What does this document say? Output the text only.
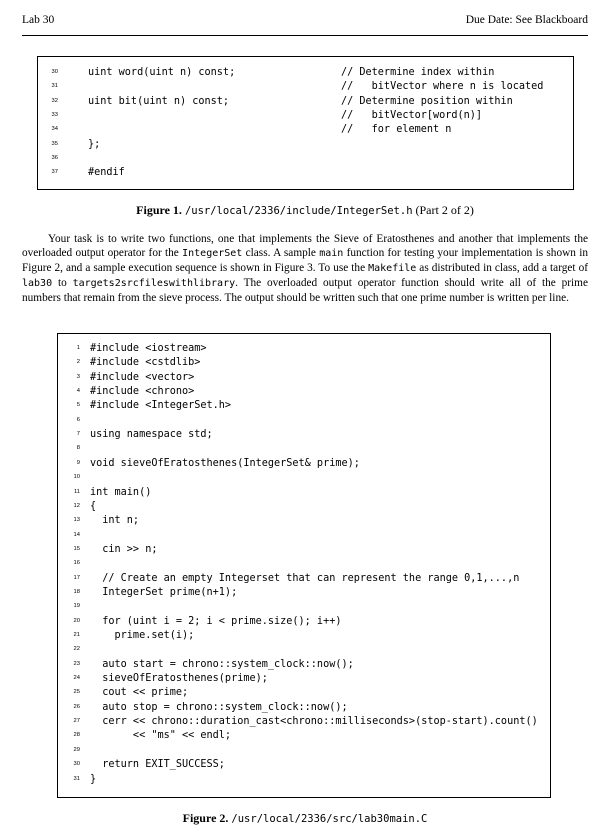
Lab 30	Due Date: See Blackboard
30	uint word(uint n) const;	// Determine index within
31	//   bitVector where n is located
32	uint bit(uint n) const;	// Determine position within
33	//   bitVector[word(n)]
34	//   for element n
35	};
36
37	#endif
Figure 1. /usr/local/2336/include/IntegerSet.h (Part 2 of 2)

Your task is to write two functions, one that implements the Sieve of Eratosthenes and another that implements the overloaded output operator for the IntegerSet class. A sample main function for testing your implementation is shown in Figure 2, and a sample execution sequence is shown in Figure 3. To use the Makefile as distributed in class, add a target of lab30 to targets2srcfileswithlibrary. The overloaded output operator function should write all of the prime numbers that remain from the sieve process. The output should be written such that one prime number is written per line.

1 #include <iostream>
2 #include <cstdlib>
3 #include <vector>
4 #include <chrono>
5 #include <IntegerSet.h>
6
7 using namespace std;
8
9 void sieveOfEratosthenes(IntegerSet& prime);
10
11 int main()
12 {
13 int n;
14
15 cin >> n;
16
17 // Create an empty Integerset that can represent the range 0,1,...,n
18 IntegerSet prime(n+1);
19
20 for (uint i = 2; i < prime.size(); i++)
21 prime.set(i);
22
23 auto start = chrono::system_clock::now();
24 sieveOfEratosthenes(prime);
25 cout << prime;
26 auto stop = chrono::system_clock::now();
27 cerr << chrono::duration_cast<chrono::milliseconds>(stop-start).count()
28 << "ms" << endl;
29
30 return EXIT_SUCCESS;
31 }
Figure 2. /usr/local/2336/src/lab30main.C
